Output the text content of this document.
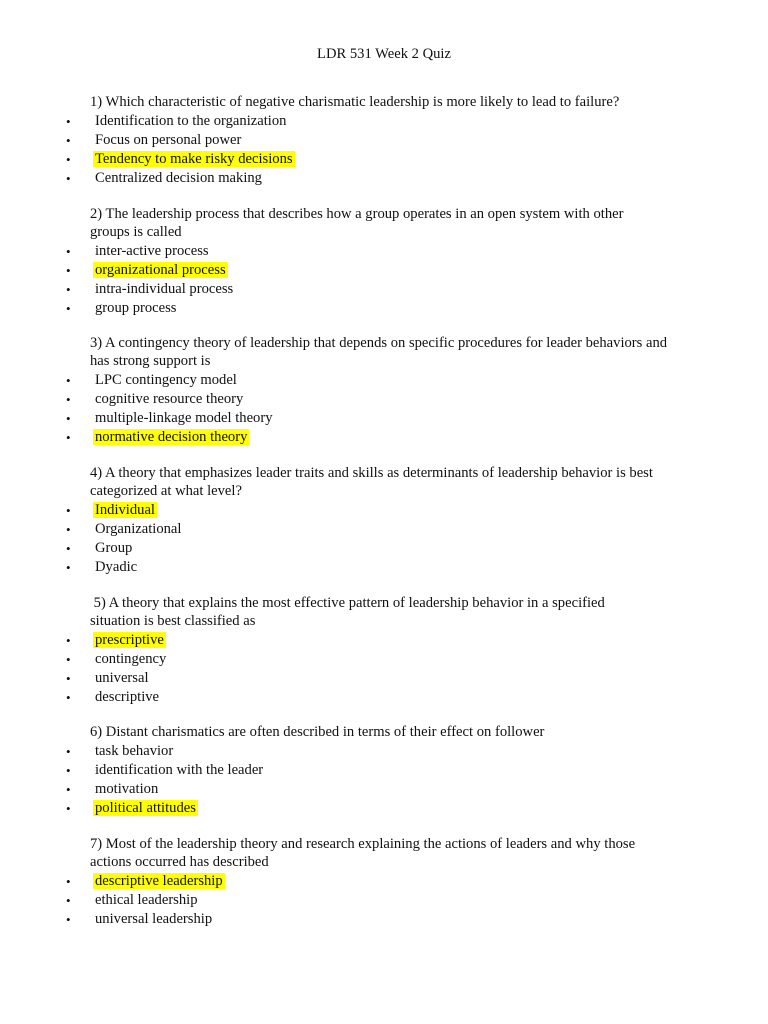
LDR 531 Week 2 Quiz

1) Which characteristic of negative charismatic leadership is more likely to lead to failure?

• Identification to the organization
• Focus on personal power
• Tendency to make risky decisions
• Centralized decision making

2) The leadership process that describes how a group operates in an open system with other groups is called

• inter-active process
• organizational process
• intra-individual process
• group process

3) A contingency theory of leadership that depends on specific procedures for leader behaviors and has strong support is

• LPC contingency model
• cognitive resource theory
• multiple-linkage model theory
• normative decision theory

4) A theory that emphasizes leader traits and skills as determinants of leadership behavior is best categorized at what level?

• Individual
• Organizational
• Group
• Dyadic

5) A theory that explains the most effective pattern of leadership behavior in a specified situation is best classified as

• prescriptive
• contingency
• universal
• descriptive

6) Distant charismatics are often described in terms of their effect on follower

• task behavior
• identification with the leader
• motivation
• political attitudes

7) Most of the leadership theory and research explaining the actions of leaders and why those actions occurred has described

• descriptive leadership
• ethical leadership
• universal leadership
